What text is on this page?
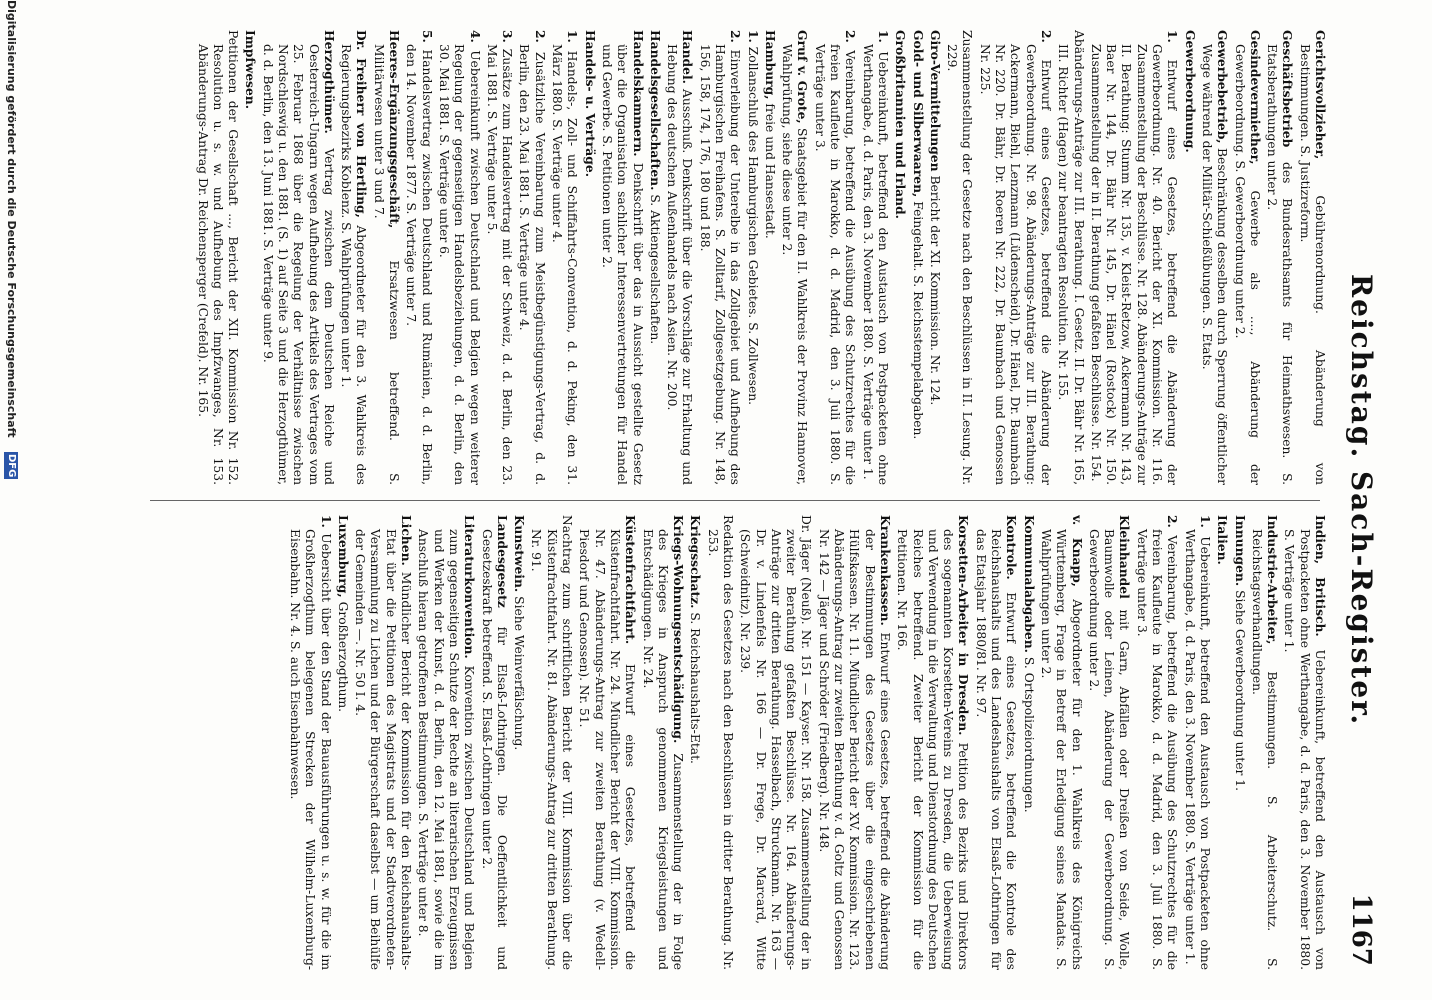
Reichstag. Sach-Register.
1167

Gerichtsvollzieher, Gebührenordnung. Abänderung von Bestimmungen. S. Justizreform.

Geschäftsbetrieb des Bundesrathsamts für Heimathswesen. S. Etatsberathungen unter 2.

Gesindevermiether, Gewerbe als ...., Abänderung der Gewerbeordnung. S. Gewerbeordnung unter 2.

Gewerbebetrieb, Beschränkung desselben durch Sperrung öffentlicher Wege während der Militär-Schießübungen. S. Etats.

Gewerbeordnung.

1. Entwurf eines Gesetzes, betreffend die Abänderung der Gewerbeordnung. Nr. 40. Bericht der XI. Kommission. Nr. 116. Zusammenstellung der Beschlüsse. Nr. 128. Abänderungs-Anträge zur II. Berathung: Stumm Nr. 135, v. Kleist-Retzow, Ackermann Nr. 143, Baer Nr. 144, Dr. Bähr Nr. 145, Dr. Hänel (Rostock) Nr. 150. Zusammenstellung der in II. Berathung gefaßten Beschlüsse. Nr. 154.

Abänderungs-Anträge zur III. Berathung. I. Gesetz. II. Dr. Bähr Nr. 165, III. Richter (Hagen) zur beantragten Resolution. Nr. 155.

2. Entwurf eines Gesetzes, betreffend die Abänderung der Gewerbeordnung. Nr. 98. Abänderungs-Anträge zur III. Berathung: Ackermann, Biehl, Lenzmann (Lüdenscheid), Dr. Hänel, Dr. Baumbach Nr. 220. Dr. Bähr, Dr. Roeren Nr. 222, Dr. Baumbach und Genossen Nr. 225.

Zusammenstellung der Gesetze nach den Beschlüssen in II. Lesung. Nr. 229.

Giro-Vermittelungen Bericht der XI. Kommission. Nr. 124.

Gold- und Silberwaaren, Feingehalt. S. Reichsstempelabgaben.

Großbritannien und Irland.

1. Uebereinkunft, betreffend den Austausch von Postpacketen ohne Werthangabe, d. d. Paris, den 3. November 1880. S. Verträge unter 1.

2. Vereinbarung, betreffend die Ausübung des Schutzrechtes für die freien Kaufleute in Marokko, d. d. Madrid, den 3. Juli 1880. S. Verträge unter 3.

Gruf v. Grote, Staatsgebiet für den II. Wahlkreis der Provinz Hannover, Wahlprüfung, siehe diese unter 2.

Hamburg, freie und Hansestadt.

1. Zollanschluß des Hamburgischen Gebietes. S. Zollwesen.

2. Einverleibung der Unterelbe in das Zollgebiet und Aufhebung des Hamburgischen Freihafens. S. Zolltarif, Zollgesetzgebung. Nr. 148, 156, 158, 174, 176, 180 und 188.

Handel. Ausschuß. Denkschrift über die Vorschläge zur Erhaltung und Hebung des deutschen Außenhandels nach Asien. Nr. 200.

Handelsgesellschaften. S. Aktiengesellschaften.

Handelskammern. Denkschrift über das in Aussicht gestellte Gesetz über die Organisation sachlicher Interessenvertretungen für Handel und Gewerbe. S. Petitionen unter 2.

Handels- u. Verträge.

1. Handels-, Zoll- und Schiffahrts-Convention, d. d. Peking, den 31. März 1880. S. Verträge unter 4.

2. Zusätzliche Vereinbarung zum Meistbegünstigungs-Vertrag, d. d. Berlin, den 23. Mai 1881. S. Verträge unter 4.

3. Zusätze zum Handelsvertrag mit der Schweiz, d. d. Berlin, den 23. Mai 1881. S. Verträge unter 5.

4. Uebereinkunft zwischen Deutschland und Belgien wegen weiterer Regelung der gegenseitigen Handelsbeziehungen, d. d. Berlin, den 30. Mai 1881. S. Verträge unter 6.

5. Handelsvertrag zwischen Deutschland und Rumänien, d. d. Berlin, den 14. November 1877. S. Verträge unter 7.

Heeres-Ergänzungsgeschäft, Ersatzwesen betreffend. S. Militärwesen unter 3 und 7.

Dr. Freiherr von Hertling, Abgeordneter für den 3. Wahlkreis des Regierungsbezirks Koblenz. S. Wahlprüfungen unter 1.

Herzogthümer. Vertrag zwischen dem Deutschen Reiche und Oesterreich-Ungarn wegen Aufhebung des Artikels des Vertrages vom 25. Februar 1868 über die Regelung der Verhältnisse zwischen Nordschleswig u. den 1881. (S. 1) auf Seite 3 und die Herzogthümer, d. d. Berlin, den 13. Juni 1881. S. Verträge unter 9.

Impfwesen.

Petitionen der Gesellschaft ..., Bericht der XII. Kommission Nr. 152. Resolution u. s. w. und Aufhebung des Impfzwanges, Nr. 153. Abänderungs-Antrag Dr. Reichensperger (Crefeld). Nr. 165.

Indien, Britisch. Uebereinkunft, betreffend den Austausch von Postpacketen ohne Werthangabe, d. d. Paris, den 3. November 1880. S. Verträge unter 1.

Industrie-Arbeiter, Bestimmungen. S. Arbeiterschutz. S. Reichstagsverhandlungen.

Innungen. Siehe Gewerbeordnung unter 1.

Italien.

1. Uebereinkunft, betreffend den Austausch von Postpacketen ohne Werthangabe, d. d. Paris, den 3. November 1880. S. Verträge unter 1.

2. Vereinbarung, betreffend die Ausübung des Schutzrechtes für die freien Kaufleute in Marokko, d. d. Madrid, den 3. Juli 1880. S. Verträge unter 3.

Kleinhandel mit Garn, Abfällen oder Dreißen von Seide, Wolle, Baumwolle oder Leinen, Abänderung der Gewerbeordnung. S. Gewerbeordnung unter 2.

v. Knapp, Abgeordneter für den 1. Wahlkreis des Königreichs Württemberg, Frage in Betreff der Erledigung seines Mandats. S. Wahlprüfungen unter 2.

Kommunalabgaben. S. Ortspolizeiordnungen.

Kontrole. Entwurf eines Gesetzes, betreffend die Kontrole des Reichshaushalts und des Landeshaushalts von Elsaß-Lothringen für das Etatsjahr 1880/81. Nr. 97.

Korsetten-Arbeiter in Dresden. Petition des Bezirks und Direktors des sogenannten Korsetten-Vereins zu Dresden, die Ueberweisung und Verwendung in die Verwaltung und Dienstordnung des Deutschen Reiches betreffend. Zweiter Bericht der Kommission für die Petitionen. Nr. 166.

Krankenkassen. Entwurf eines Gesetzes, betreffend die Abänderung der Bestimmungen des Gesetzes über die eingeschriebenen Hülfskassen. Nr. 11. Mündlicher Bericht der XV. Kommission. Nr. 123. Abänderungs-Antrag zur zweiten Berathung v. d. Goltz und Genossen Nr. 142 — Jäger und Schröder (Friedberg). Nr. 148.

Dr. Jäger (Neuß). Nr. 151 — Kayser. Nr. 158. Zusammenstellung der in zweiter Berathung gefaßten Beschlüsse. Nr. 164. Abänderungs-Anträge zur dritten Berathung. Hasselbach, Struckmann. Nr. 163 — Dr. v. Lindenfels Nr. 166 — Dr. Frege, Dr. Marcard, Witte (Schweidnitz). Nr. 239.

Redaktion des Gesetzes nach den Beschlüssen in dritter Berathung. Nr. 253.

Kriegsschatz. S. Reichshaushalts-Etat.

Kriegs-Wohnungsentschädigung. Zusammenstellung der in Folge des Krieges in Anspruch genommenen Kriegsleistungen und Entschädigungen. Nr. 24.

Küstenfrachtfahrt. Entwurf eines Gesetzes, betreffend die Küstenfrachtfahrt. Nr. 24. Mündlicher Bericht der VIII. Kommission. Nr. 47. Abänderungs-Antrag zur zweiten Berathung (v. Wedell-Piesdorf und Genossen). Nr. 51.

Nachtrag zum schriftlichen Bericht der VIII. Kommission über die Küstenfrachtfahrt. Nr. 81. Abänderungs-Antrag zur dritten Berathung. Nr. 91.

Kunstwein. Siehe Weinverfälschung.

Landesgesetz für Elsaß-Lothringen. Die Oeffentlichkeit und Gesetzeskraft betreffend. S. Elsaß-Lothringen unter 2.

Literaturkonvention. Konvention zwischen Deutschland und Belgien zum gegenseitigen Schutze der Rechte an literarischen Erzeugnissen und Werken der Kunst, d. d. Berlin, den 12. Mai 1881, sowie die im Anschluß hieran getroffenen Bestimmungen. S. Verträge unter 8.

Lichen. Mündlicher Bericht der Kommission für den Reichshaushalts-Etat über die Petitionen des Magistrats und der Stadtverordneten-Versammlung zu Lichen und der Bürgerschaft daselbst — um Beihülfe der Gemeinden —. Nr. 50 I. 4.

Luxemburg, Großherzogthum.

1. Uebersicht über den Stand der Bauausführungen u. s. w. für die im Großherzogthum belegenen Strecken der Wilhelm-Luxemburg-Eisenbahn. Nr. 4. S. auch Eisenbahnwesen.

Digitalisierung gefördert durch die Deutsche Forschungsgemeinschaft
DFG
